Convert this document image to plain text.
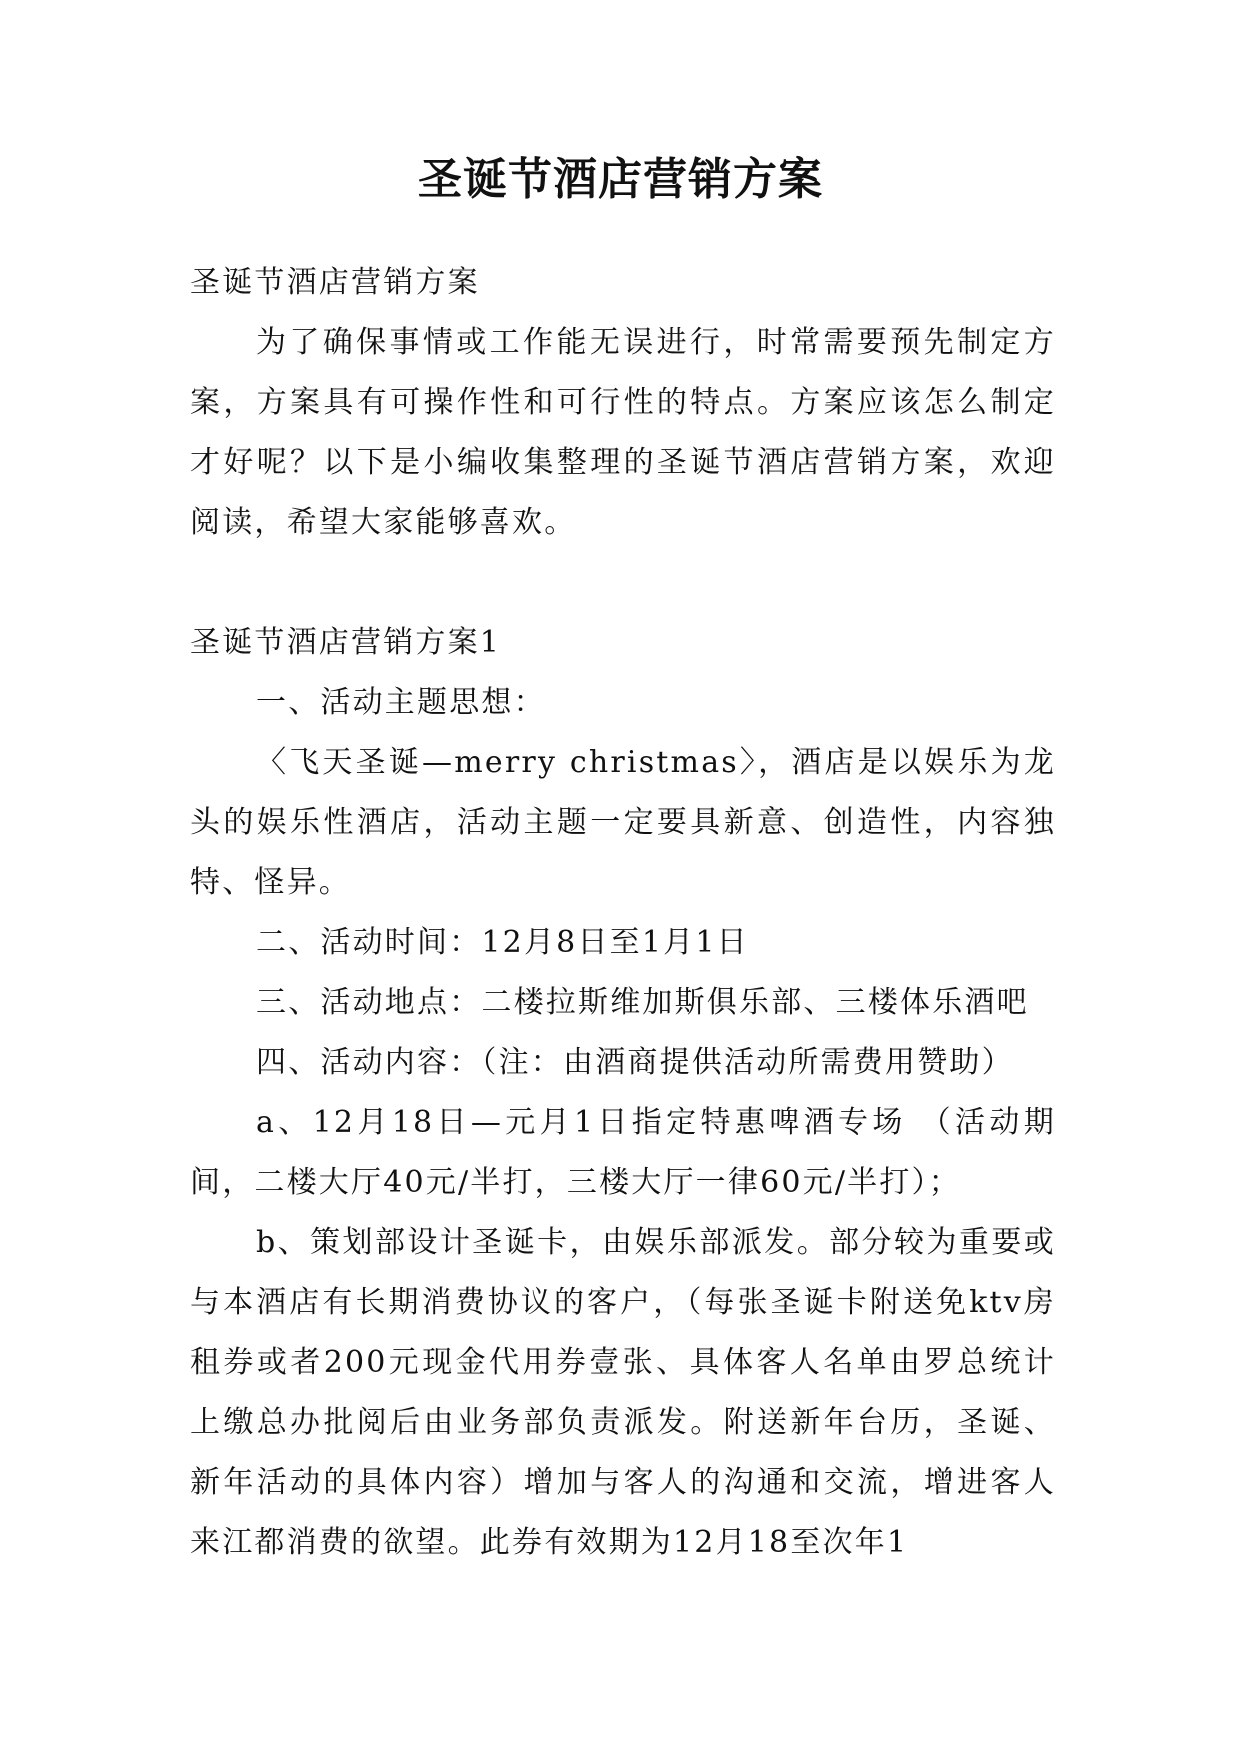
圣诞节酒店营销方案

圣诞节酒店营销方案

为了确保事情或工作能无误进行，时常需要预先制定方案，方案具有可操作性和可行性的特点。方案应该怎么制定才好呢？以下是小编收集整理的圣诞节酒店营销方案，欢迎阅读，希望大家能够喜欢。

圣诞节酒店营销方案1

一、活动主题思想：

〈飞天圣诞—merry christmas〉，酒店是以娱乐为龙头的娱乐性酒店，活动主题一定要具新意、创造性，内容独特、怪异。

二、活动时间：12月8日至1月1日

三、活动地点：二楼拉斯维加斯俱乐部、三楼体乐酒吧

四、活动内容：（注：由酒商提供活动所需费用赞助）

a、12月18日—元月1日指定特惠啤酒专场 （活动期间，二楼大厅40元/半打，三楼大厅一律60元/半打）；

b、策划部设计圣诞卡，由娱乐部派发。部分较为重要或与本酒店有长期消费协议的客户，（每张圣诞卡附送免ktv房租券或者200元现金代用券壹张、具体客人名单由罗总统计上缴总办批阅后由业务部负责派发。附送新年台历，圣诞、新年活动的具体内容）增加与客人的沟通和交流，增进客人来江都消费的欲望。此券有效期为12月18至次年1
